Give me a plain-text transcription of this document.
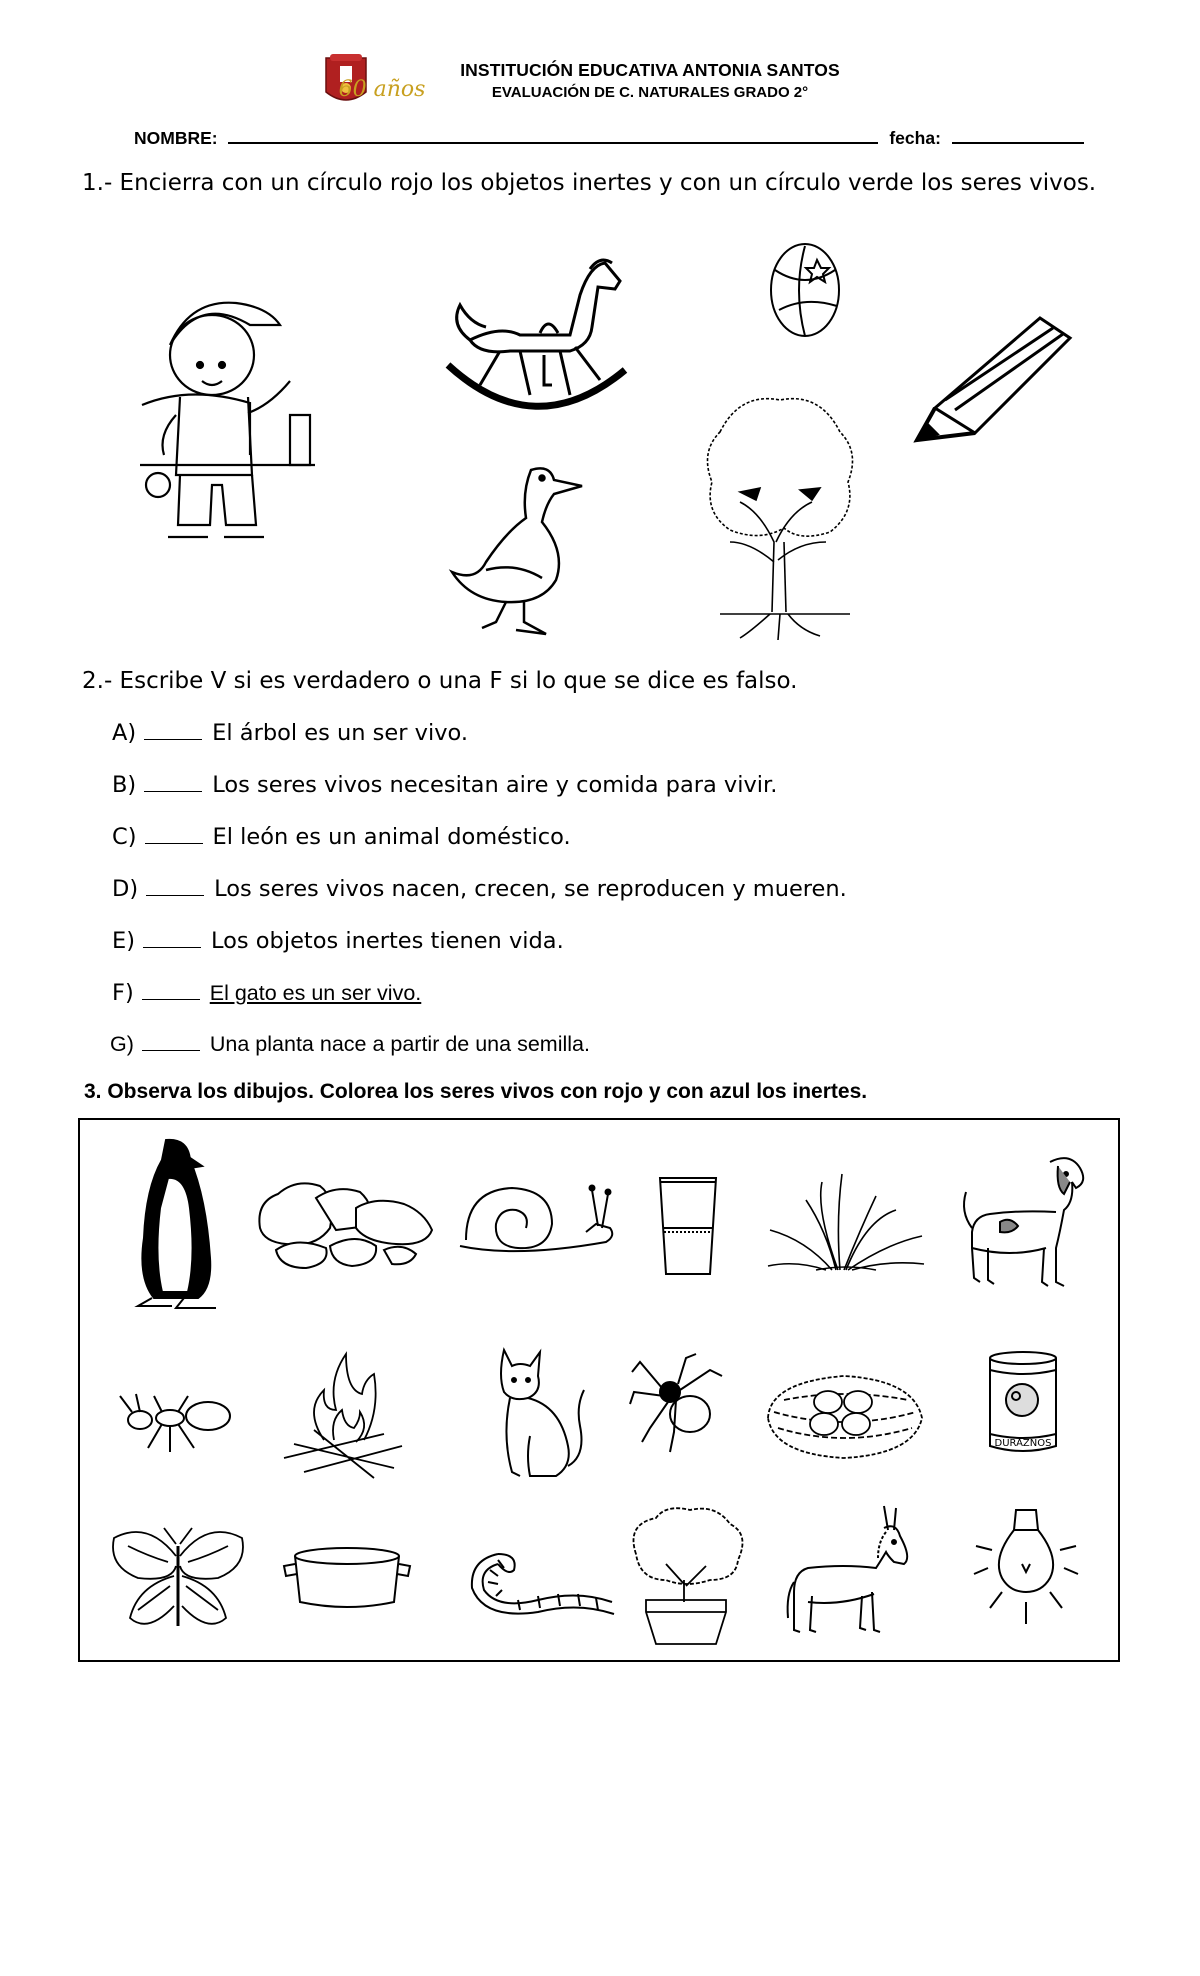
60 años
INSTITUCIÓN EDUCATIVA ANTONIA SANTOS
EVALUACIÓN DE C. NATURALES GRADO 2°
NOMBRE:	fecha:
1.- Encierra con un círculo rojo los objetos inertes y con un círculo verde los seres vivos.
2.- Escribe V si es verdadero o una F si lo que se dice es falso.
A)	El árbol es un ser vivo.
B)	Los seres vivos necesitan aire y comida para vivir.
C)	El león es un animal doméstico.
D)	Los seres vivos nacen, crecen, se reproducen y mueren.
E)	Los objetos inertes tienen vida.
F)	El gato es un ser vivo.
G)	Una planta nace a partir de una semilla.
3. Observa los dibujos. Colorea los seres vivos con rojo y con azul los inertes.
DURAZNOS
